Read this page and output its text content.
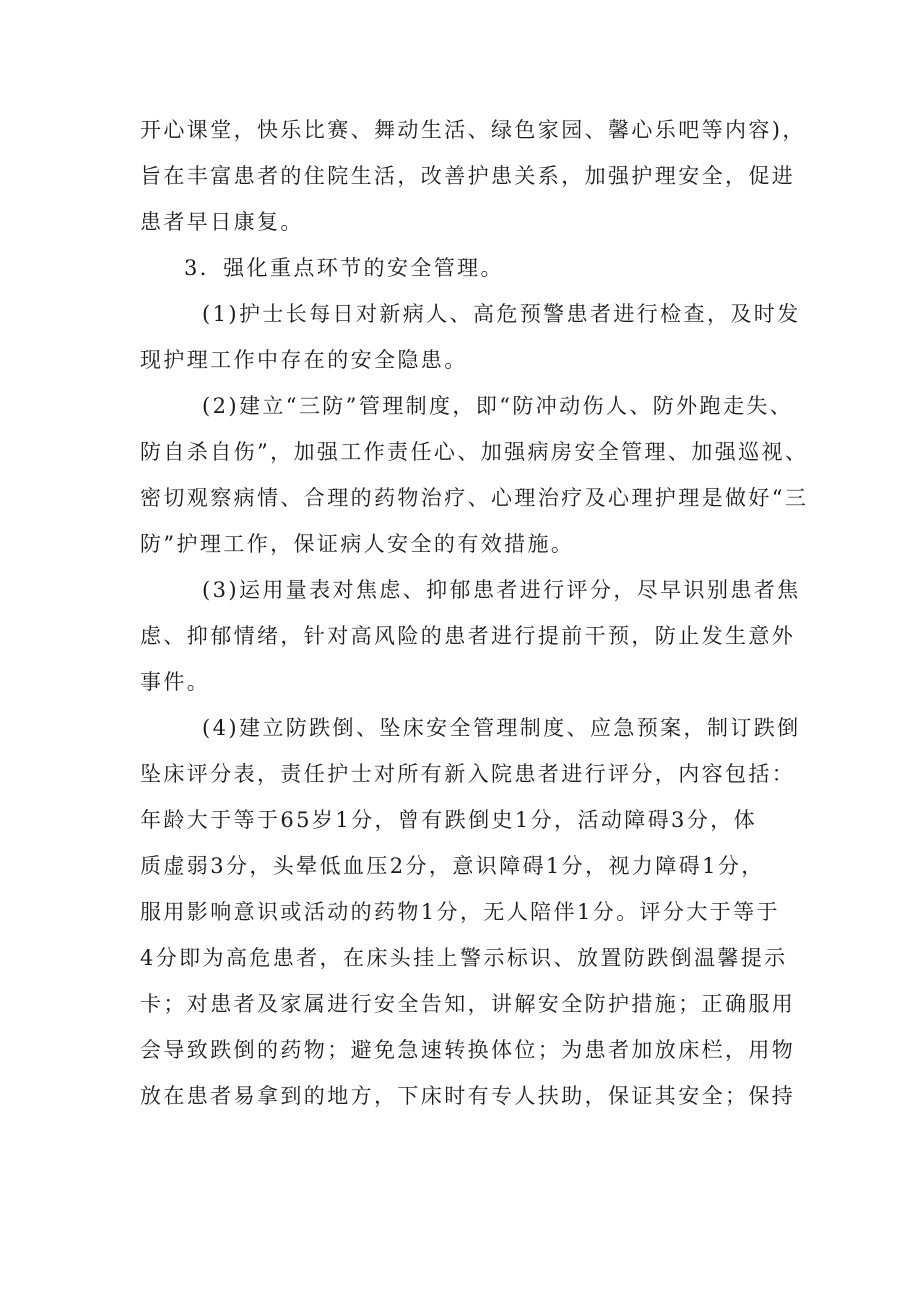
开心课堂，快乐比赛、舞动生活、绿色家园、馨心乐吧等内容)，
旨在丰富患者的住院生活，改善护患关系，加强护理安全，促进
患者早日康复。
3．强化重点环节的安全管理。
(1)护士长每日对新病人、高危预警患者进行检查，及时发
现护理工作中存在的安全隐患。
(2)建立“三防”管理制度，即“防冲动伤人、防外跑走失、
防自杀自伤”，加强工作责任心、加强病房安全管理、加强巡视、
密切观察病情、合理的药物治疗、心理治疗及心理护理是做好“三
防”护理工作，保证病人安全的有效措施。
(3)运用量表对焦虑、抑郁患者进行评分，尽早识别患者焦
虑、抑郁情绪，针对高风险的患者进行提前干预，防止发生意外
事件。
(4)建立防跌倒、坠床安全管理制度、应急预案，制订跌倒
坠床评分表，责任护士对所有新入院患者进行评分，内容包括：
年龄大于等于65岁1分，曾有跌倒史1分，活动障碍3分，体
质虚弱3分，头晕低血压2分，意识障碍1分，视力障碍1分，
服用影响意识或活动的药物1分，无人陪伴1分。评分大于等于
4分即为高危患者，在床头挂上警示标识、放置防跌倒温馨提示
卡；对患者及家属进行安全告知，讲解安全防护措施；正确服用
会导致跌倒的药物；避免急速转换体位；为患者加放床栏，用物
放在患者易拿到的地方，下床时有专人扶助，保证其安全；保持
